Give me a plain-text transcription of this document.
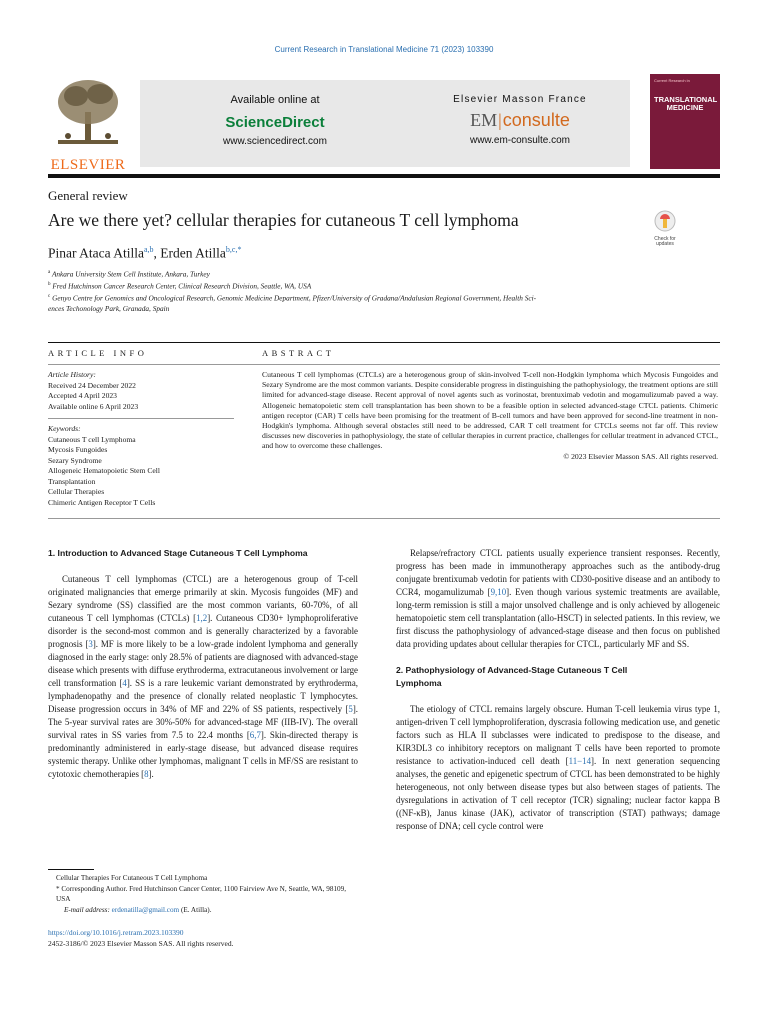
Current Research in Translational Medicine 71 (2023) 103390
ELSEVIER
Available online at
ScienceDirect
www.sciencedirect.com
Elsevier Masson France
EM|consulte
www.em-consulte.com
Current Research in
TRANSLATIONAL MEDICINE
General review
Are we there yet? cellular therapies for cutaneous T cell lymphoma
Check for
updates
Pinar Ataca Atilla$^{a,b}$, Erden Atilla$^{b,c,*}$
$^a$ Ankara University Stem Cell Institute, Ankara, Turkey
$^b$ Fred Hutchinson Cancer Research Center, Clinical Research Division, Seattle, WA, USA
$^c$ Genyo Centre for Genomics and Oncological Research, Genomic Medicine Department, Pfizer/University of Gradana/Andalusian Regional Government, Health Sci-
ences Techonology Park, Granada, Spain
ARTICLE INFO	ABSTRACT
Article History:
Received 24 December 2022
Accepted 4 April 2023
Available online 6 April 2023
Keywords:
Cutaneous T cell Lymphoma
Mycosis Fungoides
Sezary Syndrome
Allogeneic Hematopoietic Stem Cell
Transplantation
Cellular Therapies
Chimeric Antigen Receptor T Cells
Cutaneous T cell lymphomas (CTCLs) are a heterogenous group of skin-involved T-cell non-Hodgkin lymphoma which Mycosis Fungoides and Sezary Syndrome are the most common variants. Despite considerable progress in distinguishing the pathophysiology, the treatment options are still limited for advanced-stage disease. Recent approval of novel agents such as vorinostat, brentuximab vedotin and mogamulizumab paved a way. Allogeneic hematopoietic stem cell transplantation has been shown to be a feasible option in selected advanced-stage CTCL patients. Chimeric antigen receptor (CAR) T cells have been promising for the treatment of B-cell tumors and have been approved for second-line treatment in non-Hodgkin's lymphoma. Although several obstacles still need to be addressed, CAR T cell treatment for CTCLs seems not far off. This review discusses new discoveries in pathophysiology, the state of cellular therapies in current practice, challenges for cellular treatment in advanced CTCL, and how to overcome these challenges.
© 2023 Elsevier Masson SAS. All rights reserved.
1. Introduction to Advanced Stage Cutaneous T Cell Lymphoma

Cutaneous T cell lymphomas (CTCL) are a heterogenous group of T-cell originated malignancies that emerge primarily at skin. Mycosis fungoides (MF) and Sezary syndrome (SS) classified are the most common variants, 60-70%, of all cutaneous T cell lymphomas (CTCLs) [1,2]. Cutaneous CD30+ lymphoproliferative disorder is the second-most common and is generally characterized by a favorable prognosis [3]. MF is more likely to be a low-grade indolent lymphoma and generally diagnosed in the early stage: only 28.5% of patients are diagnosed with advanced-stage disease which presents with diffuse erythroderma, extracutaneous involvement or large cell transformation [4]. SS is a rare leukemic variant demonstrated by erythroderma, lymphadenopathy and the presence of clonally related neoplastic T lymphocytes. Disease progression occurs in 34% of MF and 22% of SS patients, respectively [5]. The 5-year survival rates are 30%-50% for advanced-stage MF (IIB-IV). The overall survival rates in SS varies from 7.5 to 22.4 months [6,7]. Skin-directed therapy is predominantly administered in early-stage disease, but advanced disease requires systemic therapy. Unlike other lymphomas, malignant T cells in MF/SS are resistant to cytotoxic chemotherapies [8].

Relapse/refractory CTCL patients usually experience transient responses. Recently, progress has been made in immunotherapy approaches such as the antibody-drug conjugate brentixumab vedotin for patients with CD30-positive disease and an antibody to CCR4, mogamulizumab [9,10]. Even though various systemic treatments are available, long-term remission is still a major unsolved challenge and is only achieved by allogeneic hematopoietic stem cell transplantation (allo-HSCT) in selected patients. In this review, we first discuss the pathophysiology of advanced-stage disease and then focus on published data providing updates about cellular therapies for CTCL, particularly MF and SS.

2. Pathophysiology of Advanced-Stage Cutaneous T Cell
Lymphoma

The etiology of CTCL remains largely obscure. Human T-cell leukemia virus type 1, antigen-driven T cell lymphoproliferation, dyscrasia following medication use, and genetic factors such as HLA II subclasses were indicated to predispose to the disease, and KIR3DL3 co inhibitory receptors on malignant T cells have been reported to promote resistance to activation-induced cell death [11−14]. In next generation sequencing analyses, the genetic and epigenetic spectrum of CTCL has been demonstrated to be highly heterogeneous, not only between disease types but also between stages of patients. The dysregulations in activation of T cell receptor (TCR) signaling; nuclear factor kappa B ((NF-κB), Janus kinase (JAK), activator of transcription (STAT) pathways; damage response of DNA; cell cycle control were

Cellular Therapies For Cutaneous T Cell Lymphoma
* Corresponding Author. Fred Hutchinson Cancer Center, 1100 Fairview Ave N, Seattle, WA, 98109, USA
E-mail address: erdenatilla@gmail.com (E. Atilla).
https://doi.org/10.1016/j.retram.2023.103390
2452-3186/© 2023 Elsevier Masson SAS. All rights reserved.
